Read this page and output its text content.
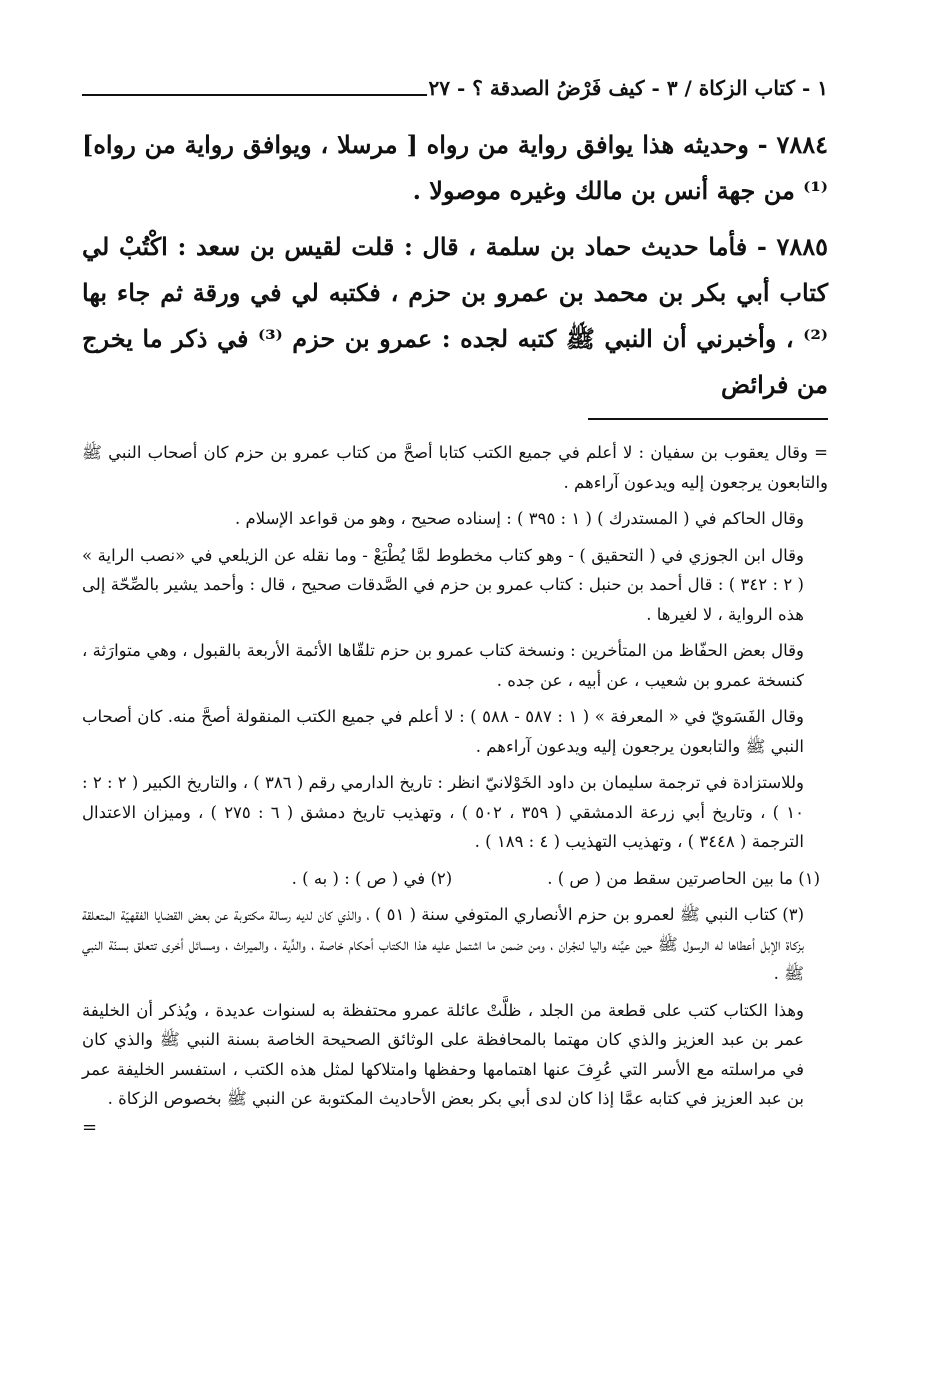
١ - كتاب الزكاة / ٣ - كيف فَرْضُ الصدقة ؟ - ٢٧

٧٨٨٤ - وحديثه هذا يوافق رواية من رواه [ مرسلا ، ويوافق رواية من رواه]⁽¹⁾ من جهة أنس بن مالك وغيره موصولا .

٧٨٨٥ - فأما حديث حماد بن سلمة ، قال : قلت لقيس بن سعد : اكْتُبْ لي كتاب أبي بكر بن محمد بن عمرو بن حزم ، فكتبه لي في ورقة ثم جاء بها ⁽²⁾ ، وأخبرني أن النبي ﷺ كتبه لجده : عمرو بن حزم ⁽³⁾ في ذكر ما يخرج من فرائض

= وقال يعقوب بن سفيان : لا أعلم في جميع الكتب كتابا أصحَّ من كتاب عمرو بن حزم كان أصحاب النبي ﷺ والتابعون يرجعون إليه ويدعون آراءهم .

وقال الحاكم في ( المستدرك ) ( ١ : ٣٩٥ ) : إسناده صحيح ، وهو من قواعد الإسلام .

وقال ابن الجوزي في ( التحقيق ) - وهو كتاب مخطوط لمَّا يُطْبَعْ - وما نقله عن الزيلعي في «نصب الراية » ( ٢ : ٣٤٢ ) : قال أحمد بن حنبل : كتاب عمرو بن حزم في الصَّدقات صحيح ، قال : وأحمد يشير بالصِّحّة إلى هذه الرواية ، لا لغيرها .

وقال بعض الحفّاظ من المتأخرين : ونسخة كتاب عمرو بن حزم تلقّاها الأئمة الأربعة بالقبول ، وهي متوارَثة ، كنسخة عمرو بن شعيب ، عن أبيه ، عن جده .

وقال الفَسَويّ في « المعرفة » ( ١ : ٥٨٧ - ٥٨٨ ) : لا أعلم في جميع الكتب المنقولة أصحَّ منه. كان أصحاب النبي ﷺ والتابعون يرجعون إليه ويدعون آراءهم .

وللاستزادة في ترجمة سليمان بن داود الخَوْلانيّ انظر : تاريخ الدارمي رقم ( ٣٨٦ ) ، والتاريخ الكبير ( ٢ : ٢ : ١٠ ) ، وتاريخ أبي زرعة الدمشقي ( ٣٥٩ ، ٥٠٢ ) ، وتهذيب تاريخ دمشق ( ٦ : ٢٧٥ ) ، وميزان الاعتدال الترجمة ( ٣٤٤٨ ) ، وتهذيب التهذيب ( ٤ : ١٨٩ ) .

(١) ما بين الحاصرتين سقط من ( ص ) .
(٢) في ( ص ) : ( به ) .

(٣) كتاب النبي ﷺ لعمرو بن حزم الأنصاري المتوفي سنة ( ٥١ ) ، والذي كان لديه رسالة مكتوبة عن بعض القضايا الفقهيّة المتعلقة بزكاة الإبل أعطاها له الرسول ﷺ حين عيَّنه واليا لنجْران ، ومن ضمن ما اشتمل عليه هذا الكتاب أحكام خاصة ، والدِّية ، والميراث ، ومسائل أخرى تتعلق بسنّة النبي ﷺ .

وهذا الكتاب كتب على قطعة من الجلد ، ظلَّتْ عائلة عمرو محتفظة به لسنوات عديدة ، ويُذكر أن الخليفة عمر بن عبد العزيز والذي كان مهتما بالمحافظة على الوثائق الصحيحة الخاصة بسنة النبي ﷺ والذي كان في مراسلته مع الأسر التي عُرِفَ عنها اهتمامها وحفظها وامتلاكها لمثل هذه الكتب ، استفسر الخليفة عمر بن عبد العزيز في كتابه عمَّا إذا كان لدى أبي بكر بعض الأحاديث المكتوبة عن النبي ﷺ بخصوص الزكاة .

=
